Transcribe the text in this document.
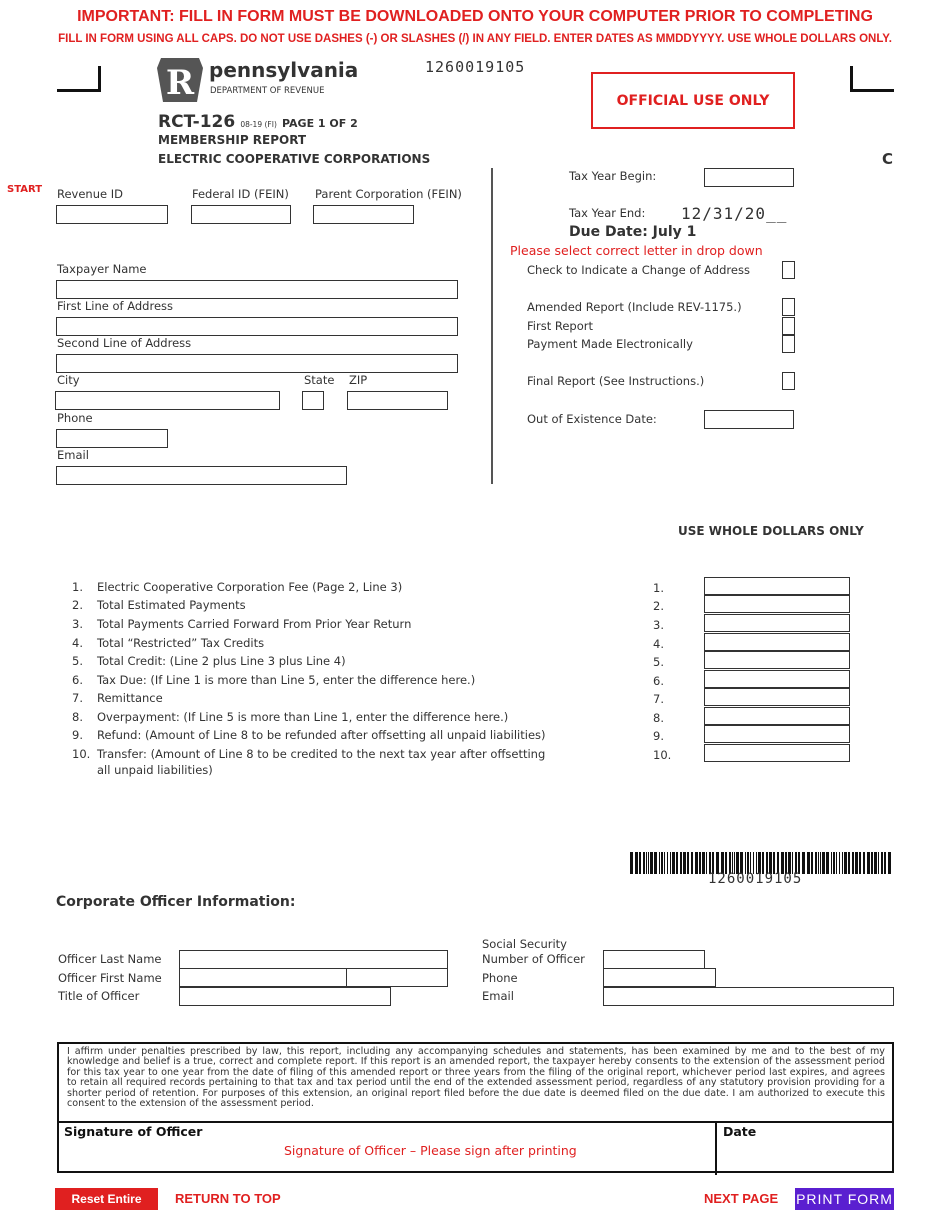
IMPORTANT: FILL IN FORM MUST BE DOWNLOADED ONTO YOUR COMPUTER PRIOR TO COMPLETING
FILL IN FORM USING ALL CAPS. DO NOT USE DASHES (-) OR SLASHES (/) IN ANY FIELD. ENTER DATES AS MMDDYYYY. USE WHOLE DOLLARS ONLY.
R pennsylvania
DEPARTMENT OF REVENUE
1260019105
OFFICIAL USE ONLY
RCT-126 08-19 (FI) PAGE 1 OF 2
MEMBERSHIP REPORT
ELECTRIC COOPERATIVE CORPORATIONS	C
START Revenue ID	Federal ID (FEIN) Parent Corporation (FEIN)
Taxpayer Name
First Line of Address
Second Line of Address
City	State ZIP
Phone
Email
Tax Year Begin:
Tax Year End: 12/31/20__
Due Date: July 1
Please select correct letter in drop down
Check to Indicate a Change of Address
Amended Report (Include REV-1175.)
First Report
Payment Made Electronically
Final Report (See Instructions.)
Out of Existence Date:
USE WHOLE DOLLARS ONLY
1. Electric Cooperative Corporation Fee (Page 2, Line 3)	1.
2. Total Estimated Payments	2.
3. Total Payments Carried Forward From Prior Year Return	3.
4. Total “Restricted” Tax Credits	4.
5. Total Credit: (Line 2 plus Line 3 plus Line 4)	5.
6. Tax Due: (If Line 1 is more than Line 5, enter the difference here.)	6.
7. Remittance	7.
8. Overpayment: (If Line 5 is more than Line 1, enter the difference here.)	8.
9. Refund: (Amount of Line 8 to be refunded after offsetting all unpaid liabilities)	9.
10. Transfer: (Amount of Line 8 to be credited to the next tax year after offsetting
all unpaid liabilities)
10.
1260019105
Corporate Officer Information:
Officer Last Name
Officer First Name
Title of Officer
Social Security
Number of Officer
Phone
Email
I affirm under penalties prescribed by law, this report, including any accompanying schedules and statements, has been examined by me and to the best of my knowledge and belief is a true, correct and complete report. If this report is an amended report, the taxpayer hereby consents to the extension of the assessment period for this tax year to one year from the date of filing of this amended report or three years from the filing of the original report, whichever period last expires, and agrees to retain all required records pertaining to that tax and tax period until the end of the extended assessment period, regardless of any statutory provision providing for a shorter period of retention. For purposes of this extension, an original report filed before the due date is deemed filed on the due date. I am authorized to execute this consent to the extension of the assessment period.
Signature of Officer
Signature of Officer – Please sign after printing
Date
Reset Entire Form
RETURN TO TOP	NEXT PAGE PRINT FORM
